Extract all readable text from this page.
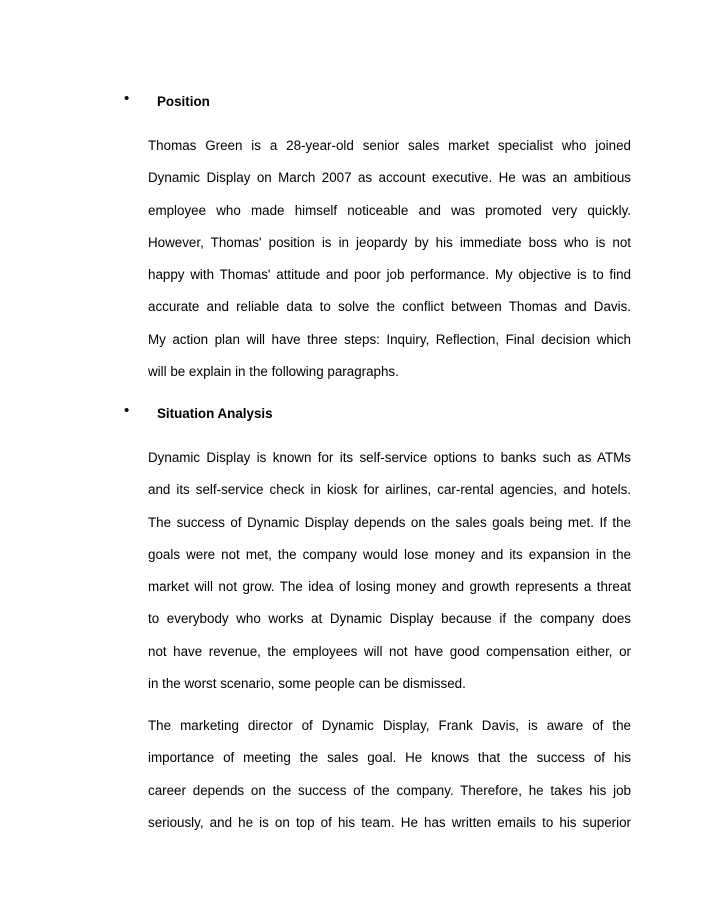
• Position
Thomas Green is a 28-year-old senior sales market specialist who joined
Dynamic Display on March 2007 as account executive. He was an ambitious
employee who made himself noticeable and was promoted very quickly.
However, Thomas' position is in jeopardy by his immediate boss who is not
happy with Thomas' attitude and poor job performance. My objective is to find
accurate and reliable data to solve the conflict between Thomas and Davis.
My action plan will have three steps: Inquiry, Reflection, Final decision which
will be explain in the following paragraphs.
• Situation Analysis
Dynamic Display is known for its self-service options to banks such as ATMs
and its self-service check in kiosk for airlines, car-rental agencies, and hotels.
The success of Dynamic Display depends on the sales goals being met. If the
goals were not met, the company would lose money and its expansion in the
market will not grow. The idea of losing money and growth represents a threat
to everybody who works at Dynamic Display because if the company does
not have revenue, the employees will not have good compensation either, or
in the worst scenario, some people can be dismissed.
The marketing director of Dynamic Display, Frank Davis, is aware of the
importance of meeting the sales goal. He knows that the success of his
career depends on the success of the company. Therefore, he takes his job
seriously, and he is on top of his team. He has written emails to his superior
